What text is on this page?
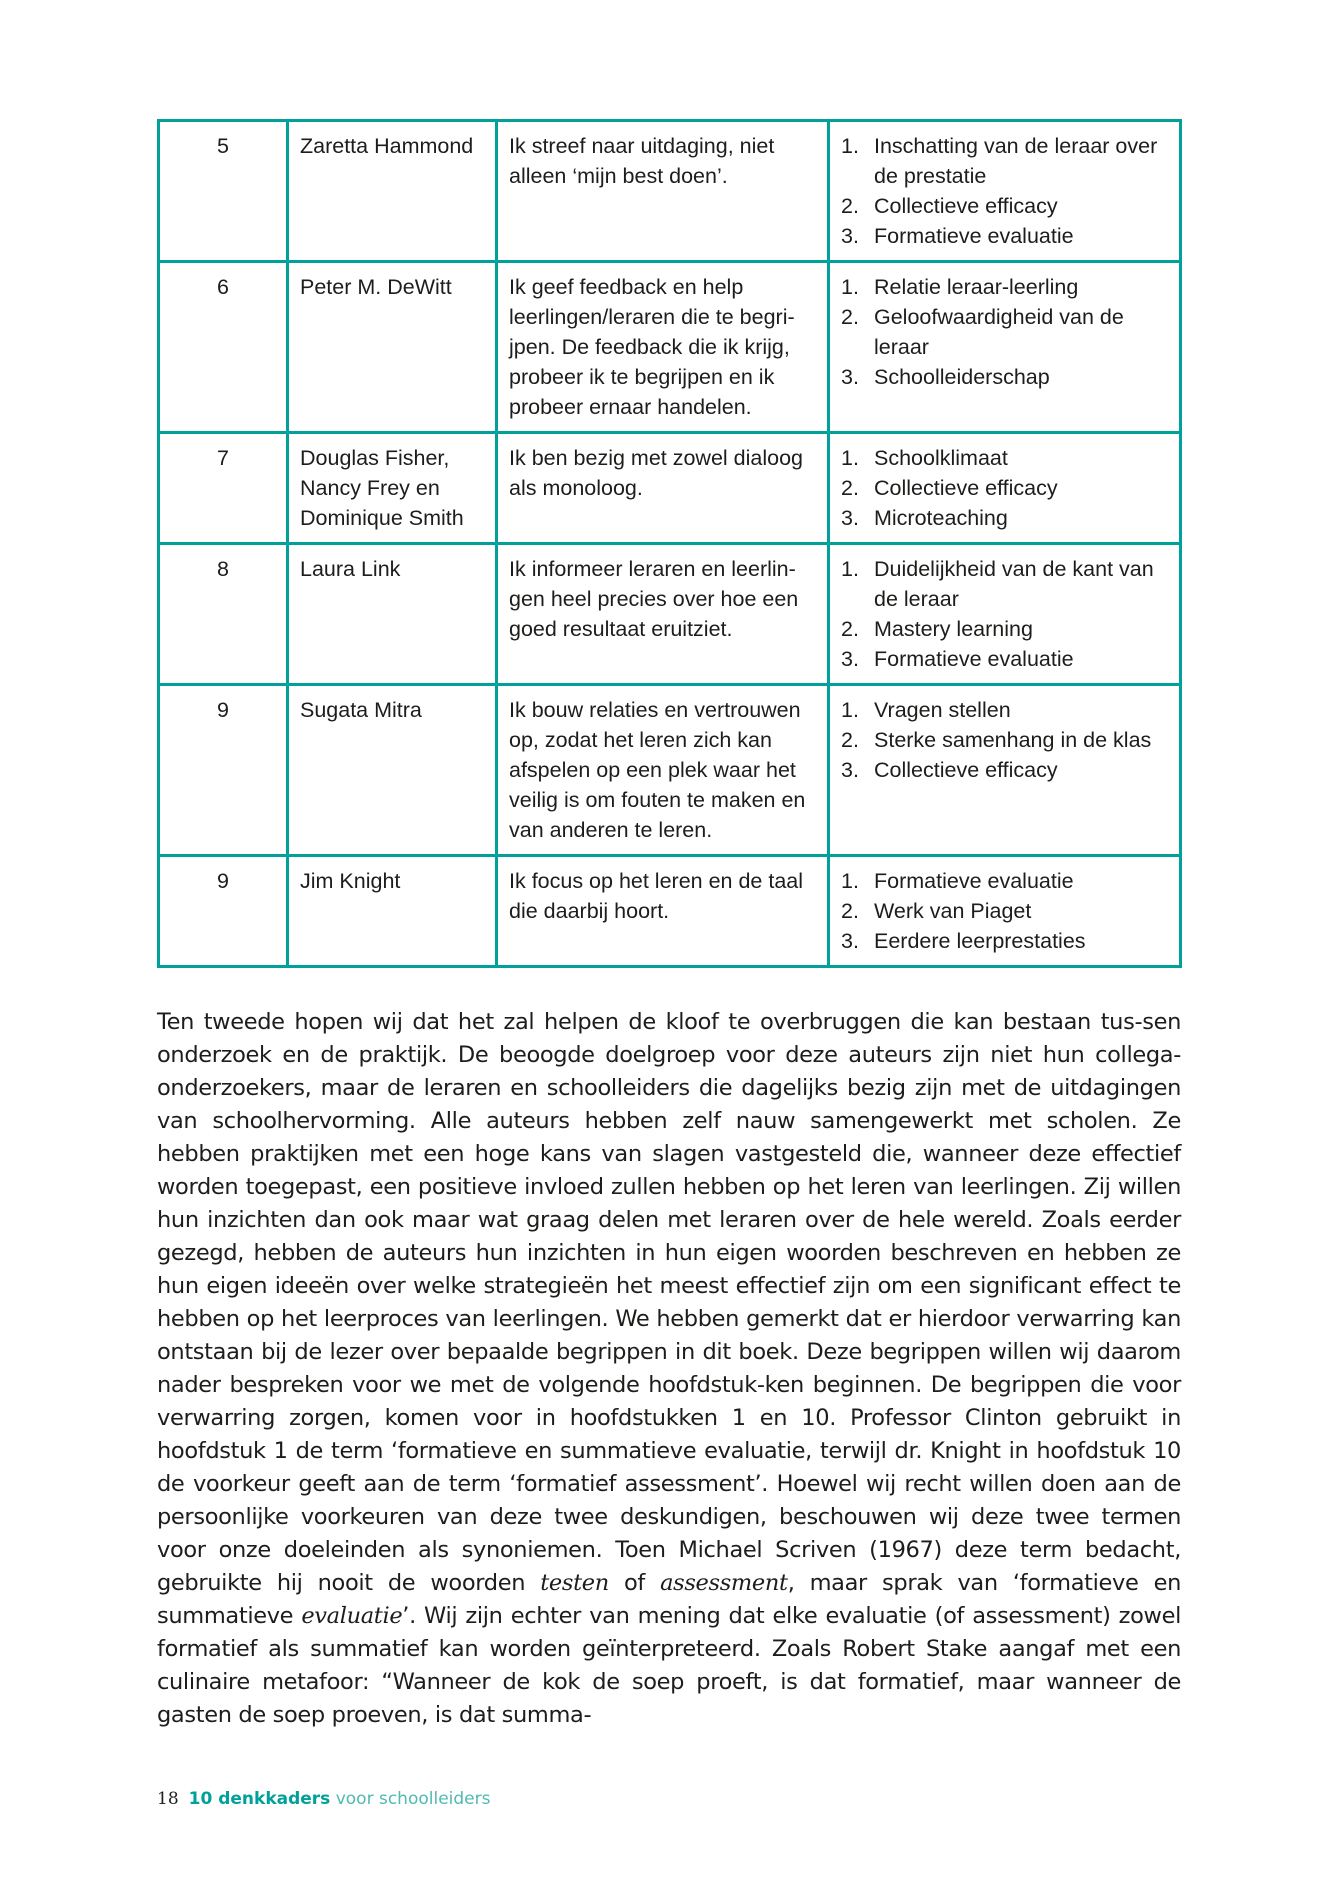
5	Zaretta Hammond	Ik streef naar uitdaging, niet alleen ‘mijn best doen’.	
1. Inschatting van de leraar over de prestatie
2. Collectieve efficacy
3. Formatieve evaluatie

6	Peter M. DeWitt	Ik geef feedback en help leerlingen/leraren die te begri-jpen. De feedback die ik krijg, probeer ik te begrijpen en ik probeer ernaar handelen.	
1. Relatie leraar-leerling
2. Geloofwaardigheid van de leraar
3. Schoolleiderschap

7	Douglas Fisher, Nancy Frey en Dominique Smith	Ik ben bezig met zowel dialoog als monoloog.	
1. Schoolklimaat
2. Collectieve efficacy
3. Microteaching

8	Laura Link	Ik informeer leraren en leerlin-gen heel precies over hoe een goed resultaat eruitziet.	
1. Duidelijkheid van de kant van de leraar
2. Mastery learning
3. Formatieve evaluatie

9	Sugata Mitra	Ik bouw relaties en vertrouwen op, zodat het leren zich kan afspelen op een plek waar het veilig is om fouten te maken en van anderen te leren.	
1. Vragen stellen
2. Sterke samenhang in de klas
3. Collectieve efficacy

9	Jim Knight	Ik focus op het leren en de taal die daarbij hoort.	
1. Formatieve evaluatie
2. Werk van Piaget
3. Eerdere leerprestaties

Ten tweede hopen wij dat het zal helpen de kloof te overbruggen die kan bestaan tus-sen onderzoek en de praktijk. De beoogde doelgroep voor deze auteurs zijn niet hun collega-onderzoekers, maar de leraren en schoolleiders die dagelijks bezig zijn met de uitdagingen van schoolhervorming. Alle auteurs hebben zelf nauw samengewerkt met scholen. Ze hebben praktijken met een hoge kans van slagen vastgesteld die, wanneer deze effectief worden toegepast, een positieve invloed zullen hebben op het leren van leerlingen. Zij willen hun inzichten dan ook maar wat graag delen met leraren over de hele wereld. Zoals eerder gezegd, hebben de auteurs hun inzichten in hun eigen woorden beschreven en hebben ze hun eigen ideeën over welke strategieën het meest effectief zijn om een significant effect te hebben op het leerproces van leerlingen. We hebben gemerkt dat er hierdoor verwarring kan ontstaan bij de lezer over bepaalde begrippen in dit boek. Deze begrippen willen wij daarom nader bespreken voor we met de volgende hoofdstuk-ken beginnen. De begrippen die voor verwarring zorgen, komen voor in hoofdstukken 1 en 10. Professor Clinton gebruikt in hoofdstuk 1 de term ‘formatieve en summatieve evaluatie, terwijl dr. Knight in hoofdstuk 10 de voorkeur geeft aan de term ‘formatief assessment’. Hoewel wij recht willen doen aan de persoonlijke voorkeuren van deze twee deskundigen, beschouwen wij deze twee termen voor onze doeleinden als synoniemen. Toen Michael Scriven (1967) deze term bedacht, gebruikte hij nooit de woorden testen of assessment, maar sprak van ‘formatieve en summatieve evaluatie’. Wij zijn echter van mening dat elke evaluatie (of assessment) zowel formatief als summatief kan worden geïnterpreteerd. Zoals Robert Stake aangaf met een culinaire metafoor: “Wanneer de kok de soep proeft, is dat formatief, maar wanneer de gasten de soep proeven, is dat summa-

18 10 denkkaders voor schoolleiders
